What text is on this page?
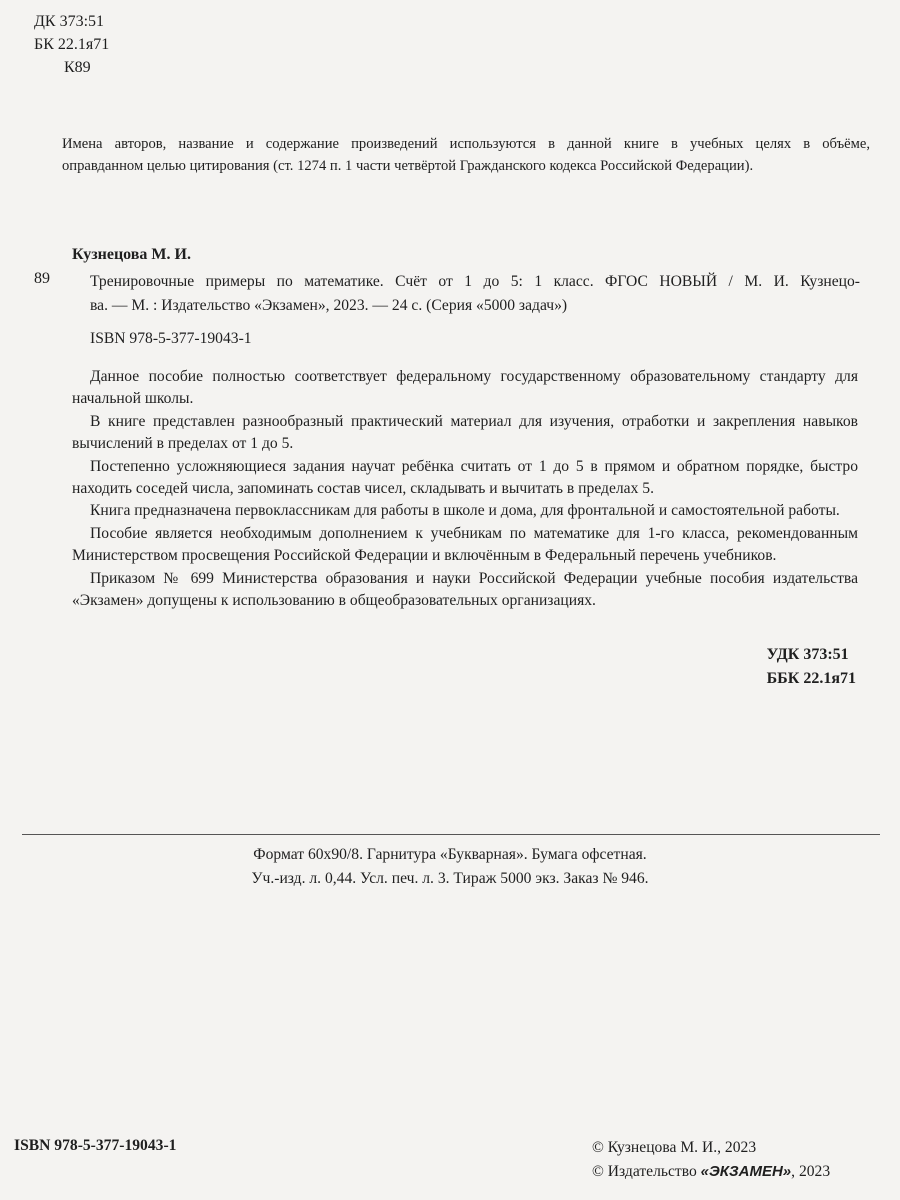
ДК 373:51
БК 22.1я71
К89
Имена авторов, название и содержание произведений используются в данной книге в учебных целях в объёме,
оправданном целью цитирования (ст. 1274 п. 1 части четвёртой Гражданского кодекса Российской Федерации).
Кузнецова М. И.
89	Тренировочные примеры по математике. Счёт от 1 до 5: 1 класс. ФГОС НОВЫЙ / М. И. Кузнецо-
ва. — М. : Издательство «Экзамен», 2023. — 24 с. (Серия «5000 задач»)
ISBN 978-5-377-19043-1

Данное пособие полностью соответствует федеральному государственному образовательному стандарту для начальной школы.

В книге представлен разнообразный практический материал для изучения, отработки и закрепления навыков вычислений в пределах от 1 до 5.

Постепенно усложняющиеся задания научат ребёнка считать от 1 до 5 в прямом и обратном порядке, быстро находить соседей числа, запоминать состав чисел, складывать и вычитать в пределах 5.

Книга предназначена первоклассникам для работы в школе и дома, для фронтальной и самостоятельной работы.

Пособие является необходимым дополнением к учебникам по математике для 1-го класса, рекомендованным Министерством просвещения Российской Федерации и включённым в Федеральный перечень учебников.

Приказом № 699 Министерства образования и науки Российской Федерации учебные пособия издательства «Экзамен» допущены к использованию в общеобразовательных организациях.

УДК 373:51
ББК 22.1я71
Формат 60х90/8. Гарнитура «Букварная». Бумага офсетная.
Уч.-изд. л. 0,44. Усл. печ. л. 3. Тираж 5000 экз. Заказ № 946.
ISBN 978-5-377-19043-1	© Кузнецова М. И., 2023
© Издательство «ЭКЗАМЕН», 2023
